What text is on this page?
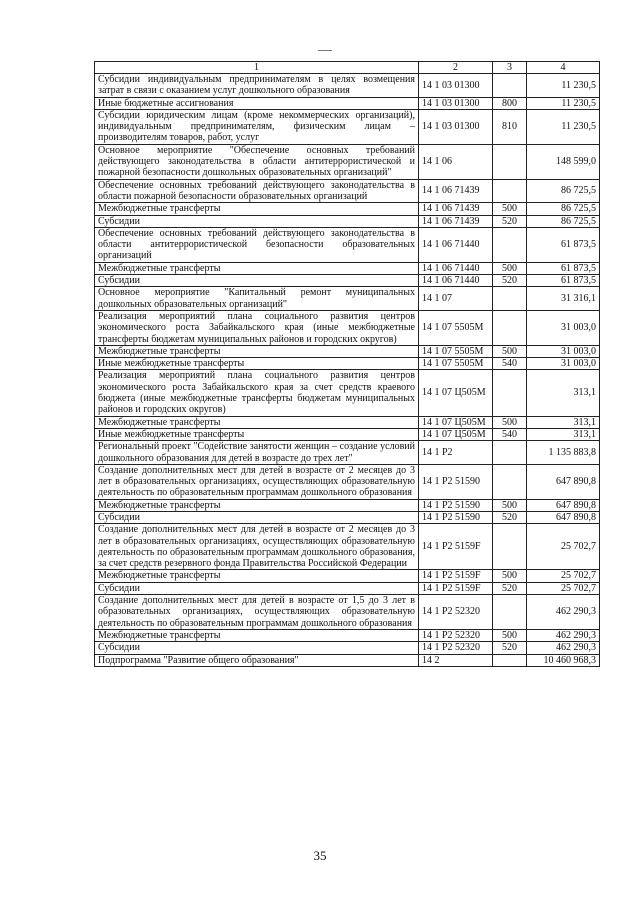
1	2	3	4
Субсидии индивидуальным предпринимателям в целях возмещения затрат в связи с оказанием услуг дошкольного образования	14 1 03 01300		11 230,5
Иные бюджетные ассигнования	14 1 03 01300	800	11 230,5
Субсидии юридическим лицам (кроме некоммерческих организаций), индивидуальным предпринимателям, физическим лицам – производителям товаров, работ, услуг	14 1 03 01300	810	11 230,5
Основное мероприятие "Обеспечение основных требований действующего законодательства в области антитеррористической и пожарной безопасности дошкольных образовательных организаций"	14 1 06		148 599,0
Обеспечение основных требований действующего законодательства в области пожарной безопасности образовательных организаций	14 1 06 71439		86 725,5
Межбюджетные трансферты	14 1 06 71439	500	86 725,5
Субсидии	14 1 06 71439	520	86 725,5
Обеспечение основных требований действующего законодательства в области антитеррористической безопасности образовательных организаций	14 1 06 71440		61 873,5
Межбюджетные трансферты	14 1 06 71440	500	61 873,5
Субсидии	14 1 06 71440	520	61 873,5
Основное мероприятие "Капитальный ремонт муниципальных дошкольных образовательных организаций"	14 1 07		31 316,1
Реализация мероприятий плана социального развития центров экономического роста Забайкальского края (иные межбюджетные трансферты бюджетам муниципальных районов и городских округов)	14 1 07 5505M		31 003,0
Межбюджетные трансферты	14 1 07 5505M	500	31 003,0
Иные межбюджетные трансферты	14 1 07 5505M	540	31 003,0
Реализация мероприятий плана социального развития центров экономического роста Забайкальского края за счет средств краевого бюджета (иные межбюджетные трансферты бюджетам муниципальных районов и городских округов)	14 1 07 Ц505M		313,1
Межбюджетные трансферты	14 1 07 Ц505M	500	313,1
Иные межбюджетные трансферты	14 1 07 Ц505M	540	313,1
Региональный проект "Содействие занятости женщин – создание условий дошкольного образования для детей в возрасте до трех лет"	14 1 P2		1 135 883,8
Создание дополнительных мест для детей в возрасте от 2 месяцев до 3 лет в образовательных организациях, осуществляющих образовательную деятельность по образовательным программам дошкольного образования	14 1 P2 51590		647 890,8
Межбюджетные трансферты	14 1 P2 51590	500	647 890,8
Субсидии	14 1 P2 51590	520	647 890,8
Создание дополнительных мест для детей в возрасте от 2 месяцев до 3 лет в образовательных организациях, осуществляющих образовательную деятельность по образовательным программам дошкольного образования, за счет средств резервного фонда Правительства Российской Федерации	14 1 P2 5159F		25 702,7
Межбюджетные трансферты	14 1 P2 5159F	500	25 702,7
Субсидии	14 1 P2 5159F	520	25 702,7
Создание дополнительных мест для детей в возрасте от 1,5 до 3 лет в образовательных организациях, осуществляющих образовательную деятельность по образовательным программам дошкольного образования	14 1 P2 52320		462 290,3
Межбюджетные трансферты	14 1 P2 52320	500	462 290,3
Субсидии	14 1 P2 52320	520	462 290,3
Подпрограмма "Развитие общего образования"	14 2		10 460 968,3
35
